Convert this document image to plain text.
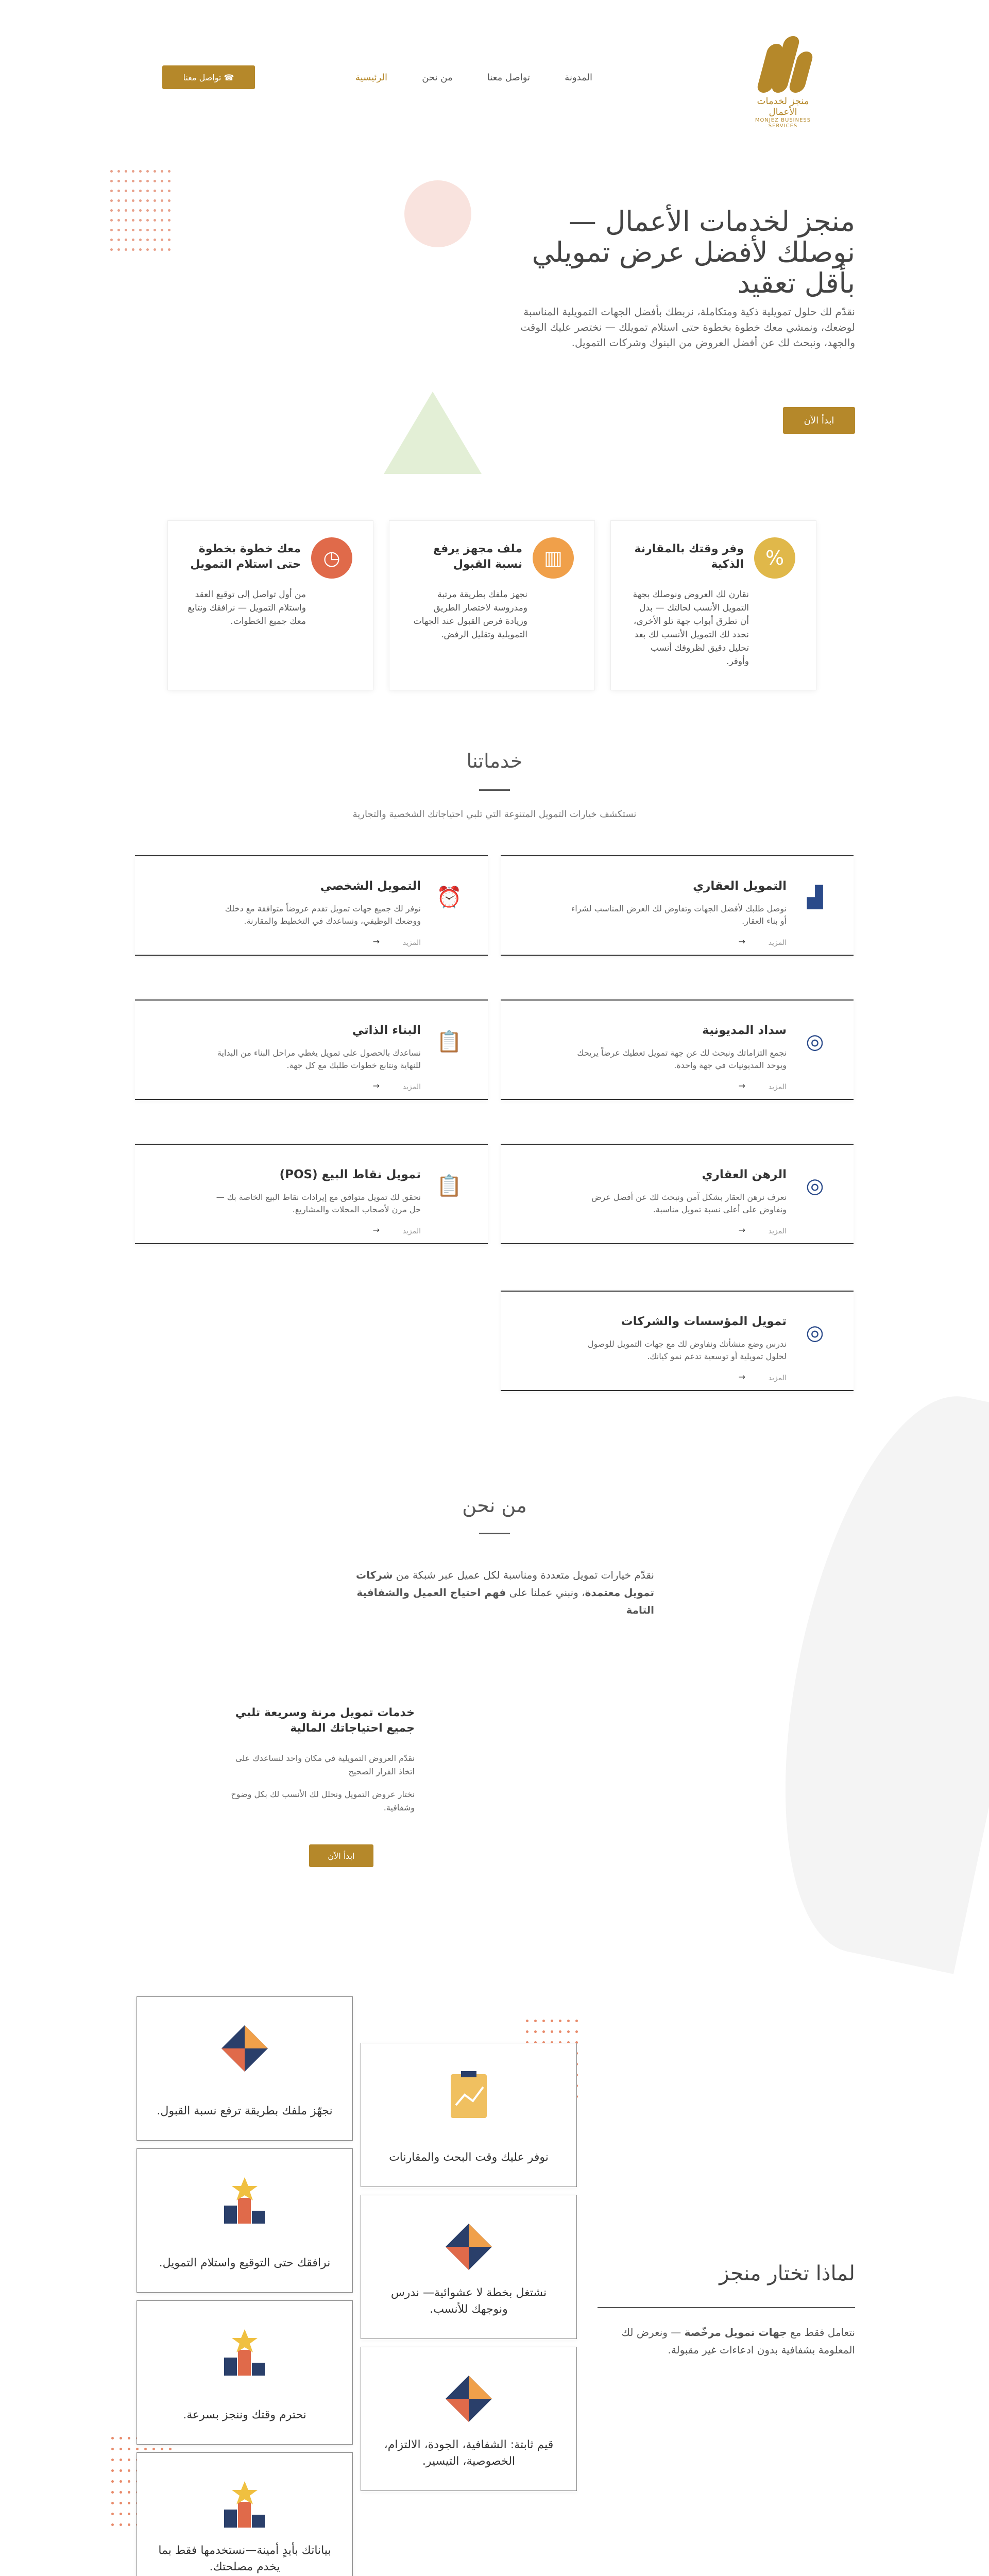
منجز لخدمات الأعمال
MONJEZ BUSINESS SERVICES
الرئيسية	من نحن	تواصل معنا	المدونة
☎ تواصل معنا
منجز لخدمات الأعمال — نوصلك لأفضل عرض تمويلي بأقل تعقيد

نقدّم لك حلول تمويلية ذكية ومتكاملة، نربطك بأفضل الجهات التمويلية المناسبة لوضعك، ونمشي معك خطوة بخطوة حتى استلام تمويلك — نختصر عليك الوقت والجهد، ونبحث لك عن أفضل العروض من البنوك وشركات التمويل.

ابدأ الآن
%
وفر وقتك بالمقارنة الذكية

نقارن لك العروض ونوصلك بجهة التمويل الأنسب لحالتك — بدل أن تطرق أبواب جهة تلو الأخرى، نحدد لك التمويل الأنسب لك بعد تحليل دقيق لظروفك أنسب وأوفر.

▥
ملف مجهز يرفع نسبة القبول

نجهز ملفك بطريقة مرتبة ومدروسة لاختصار الطريق وزيادة فرص القبول عند الجهات التمويلية وتقليل الرفض.

◷
معك خطوة بخطوة حتى استلام التمويل

من أول تواصل إلى توقيع العقد واستلام التمويل — نرافقك ونتابع معك جميع الخطوات.

خدماتنا

نستكشف خيارات التمويل المتنوعة التي تلبي احتياجاتك الشخصية والتجارية

▟
التمويل العقاري

نوصل طلبك لأفضل الجهات وتفاوض لك العرض المناسب لشراء أو بناء العقار.

المزيد
→
⏰
التمويل الشخصي

نوفر لك جميع جهات تمويل تقدم عروضاً متوافقة مع دخلك ووضعك الوظيفي، ونساعدك في التخطيط والمقارنة.

المزيد
→
◎
سداد المديونية

نجمع التزاماتك ونبحث لك عن جهة تمويل تعطيك عرضاً يريحك ويوحد المديونيات في جهة واحدة.

المزيد
→
📋
البناء الذاتي

نساعدك بالحصول على تمويل يغطي مراحل البناء من البداية للنهاية ونتابع خطوات طلبك مع كل جهة.

المزيد
→
◎
الرهن العقاري

نعرف نرهن العقار بشكل آمن ونبحث لك عن أفضل عرض ونفاوض على أعلى نسبة تمويل مناسبة.

المزيد
→
📋
تمويل نقاط البيع (POS)

نحقق لك تمويل متوافق مع إيرادات نقاط البيع الخاصة بك — حل مرن لأصحاب المحلات والمشاريع.

المزيد
→
◎
تمويل المؤسسات والشركات

ندرس وضع منشأتك ونفاوض لك مع جهات التمويل للوصول لحلول تمويلية أو توسعية تدعم نمو كيانك.

المزيد
→
من نحن

نقدّم خيارات تمويل متعددة ومناسبة لكل عميل عبر شبكة من شركات تمويل معتمدة، ونبني عملنا على فهم احتياج العميل والشفافية التامة

خدمات تمويل مرنة وسريعة تلبي جميع احتياجاتك المالية

نقدّم العروض التمويلية في مكان واحد لنساعدك على اتخاذ القرار الصحيح

نختار عروض التمويل ونحلل لك الأنسب لك بكل وضوح وشفافية.

ابدأ الآن

نجهّز ملفك بطريقة ترفع نسبة القبول.

نوفر عليك وقت البحث والمقارنات

نرافقك حتى التوقيع واستلام التمويل.

نشتغل بخطة لا عشوائية— ندرس ونوجهك للأنسب.

نحترم وقتك وننجز بسرعة.

قيم ثابتة: الشفافية، الجودة، الالتزام، الخصوصية، التيسير.

بياناتك بأيدٍ أمينة—نستخدمها فقط بما يخدم مصلحتك.

لماذا تختار منجز

نتعامل فقط مع جهات تمويل مرخّصة — ونعرض لك المعلومة بشفافية بدون ادعاءات غير مقبولة.
